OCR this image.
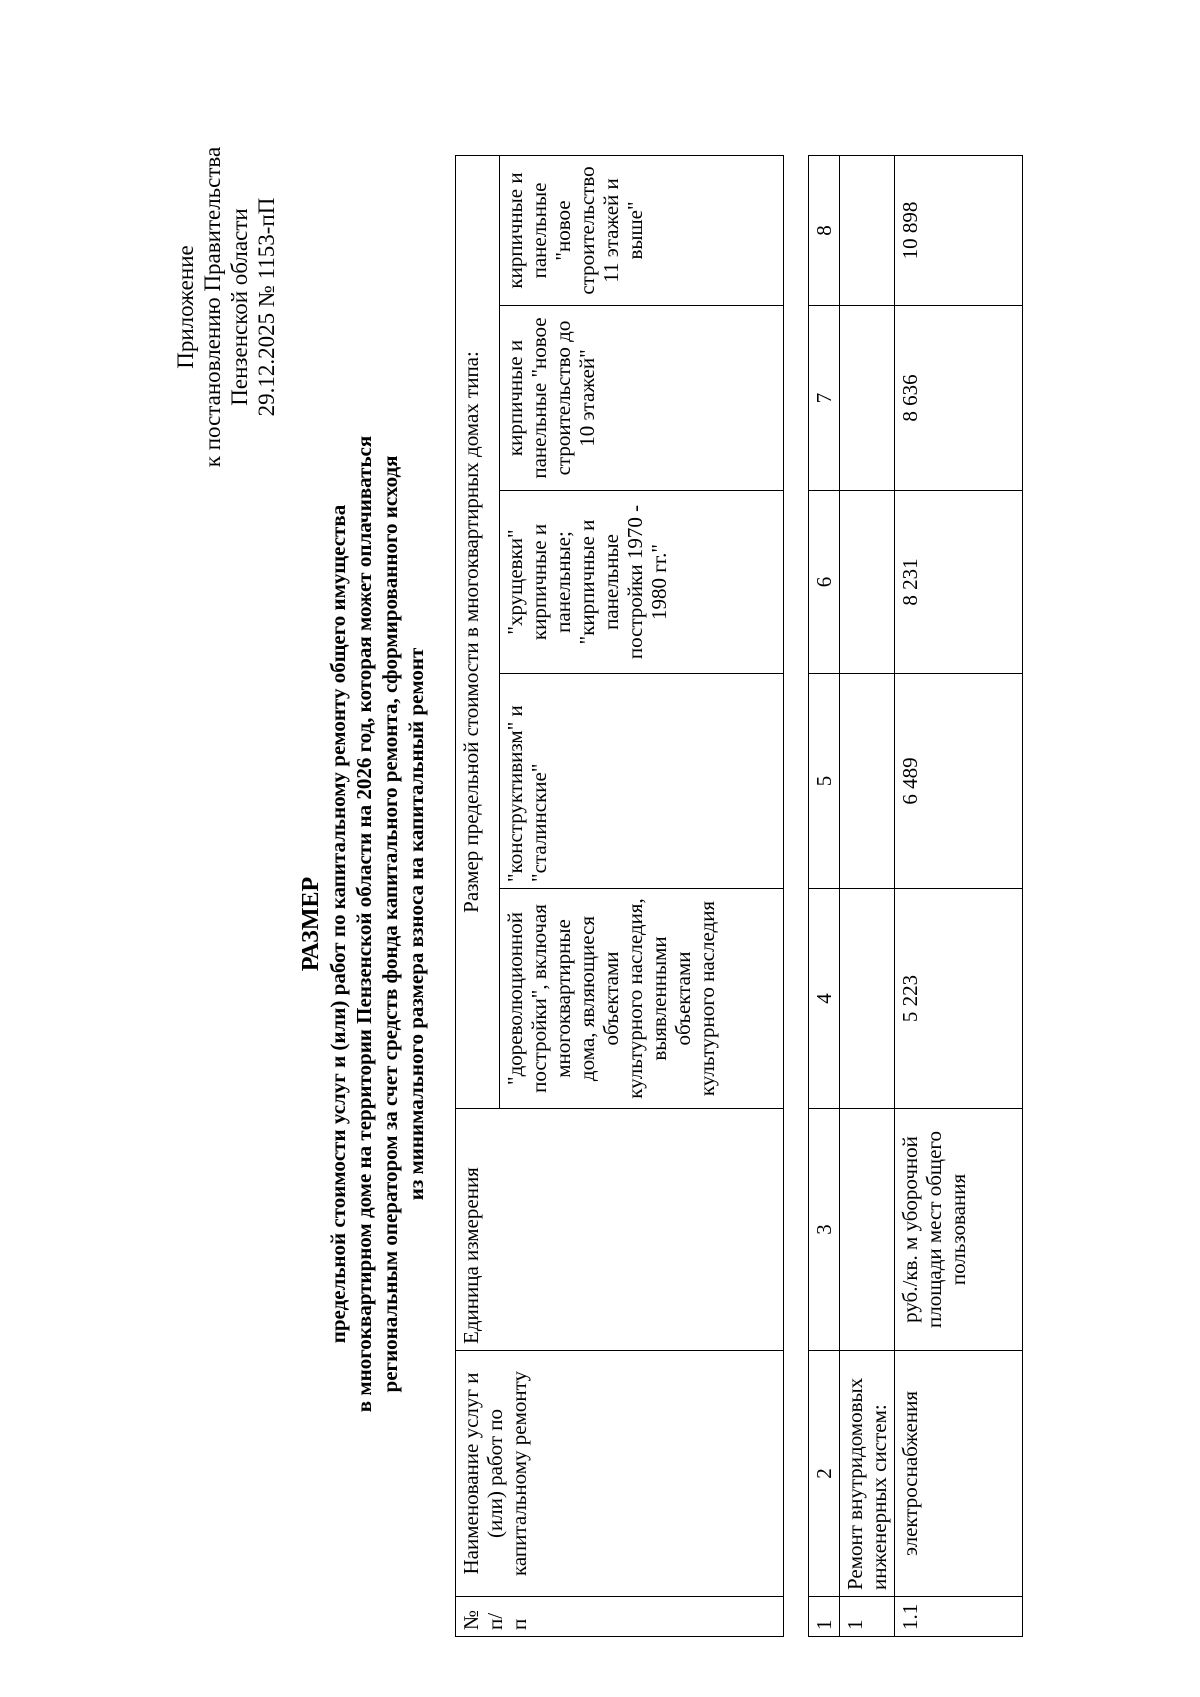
Приложение к постановлению Правительства Пензенской области 29.12.2025 № 1153-пП
РАЗМЕР предельной стоимости услуг и (или) работ по капитальному ремонту общего имущества в многоквартирном доме на территории Пензенской области на 2026 год, которая может оплачиваться региональным оператором за счет средств фонда капитального ремонта, сформированного исходя из минимального размера взноса на капитальный ремонт
№ п/п	Наименование услуг и (или) работ по капитальному ремонту	Единица измерения	Размер предельной стоимости в многоквартирных домах типа:				
			"дореволюционной постройки", включая многоквартирные дома, являющиеся объектами культурного наследия, выявленными объектами культурного наследия	"конструктивизм" и "сталинские"	"хрущевки" кирпичные и панельные; "кирпичные и панельные постройки 1970 - 1980 гг."	кирпичные и панельные "новое строительство до 10 этажей"	кирпичные и панельные "новое строительство 11 этажей и выше"
1	2	3	4	5	6	7	8
1	Ремонт внутридомовых инженерных систем:						
1.1	электроснабжения	руб./кв. м уборочной площади мест общего пользования	5 223	6 489	8 231	8 636	10 898
